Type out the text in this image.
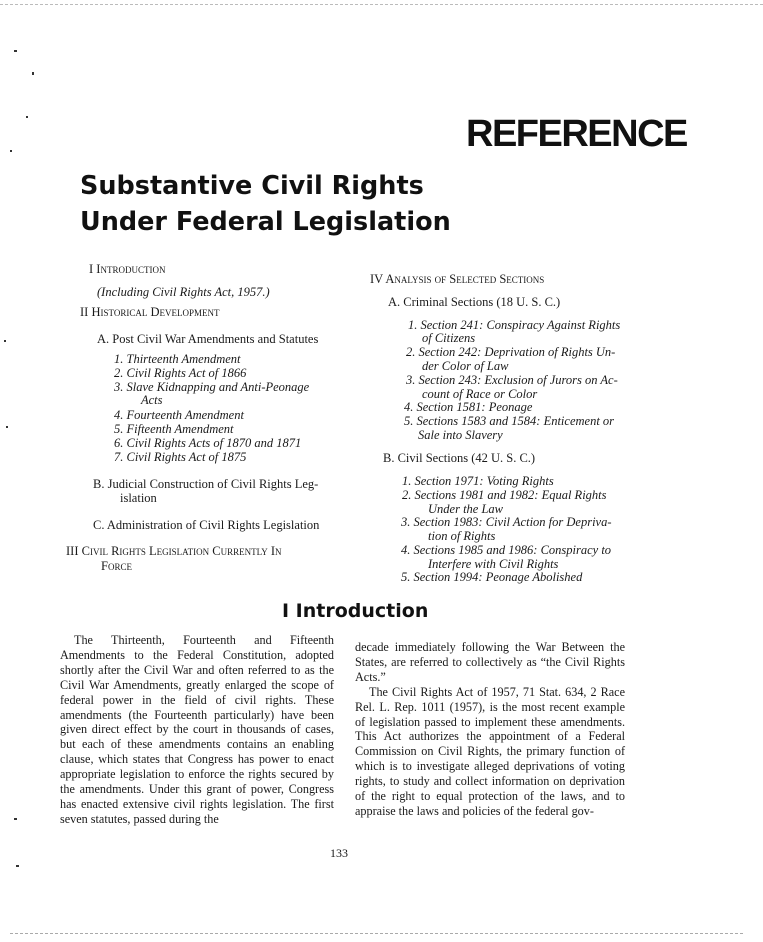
REFERENCE
Substantive Civil Rights
Under Federal Legislation
I Introduction
(Including Civil Rights Act, 1957.)
II Historical Development
A. Post Civil War Amendments and Statutes
1. Thirteenth Amendment
2. Civil Rights Act of 1866
3. Slave Kidnapping and Anti-Peonage
Acts
4. Fourteenth Amendment
5. Fifteenth Amendment
6. Civil Rights Acts of 1870 and 1871
7. Civil Rights Act of 1875
B. Judicial Construction of Civil Rights Leg-
islation
C. Administration of Civil Rights Legislation
III Civil Rights Legislation Currently In
Force
IV Analysis of Selected Sections
A. Criminal Sections (18 U. S. C.)
1. Section 241: Conspiracy Against Rights
of Citizens
2. Section 242: Deprivation of Rights Un-
der Color of Law
3. Section 243: Exclusion of Jurors on Ac-
count of Race or Color
4. Section 1581: Peonage
5. Sections 1583 and 1584: Enticement or
Sale into Slavery
B. Civil Sections (42 U. S. C.)
1. Section 1971: Voting Rights
2. Sections 1981 and 1982: Equal Rights
Under the Law
3. Section 1983: Civil Action for Depriva-
tion of Rights
4. Sections 1985 and 1986: Conspiracy to
Interfere with Civil Rights
5. Section 1994: Peonage Abolished
I Introduction

The Thirteenth, Fourteenth and Fifteenth Amendments to the Federal Constitution, adopted shortly after the Civil War and often referred to as the Civil War Amendments, greatly enlarged the scope of federal power in the field of civil rights. These amendments (the Fourteenth particularly) have been given direct effect by the court in thousands of cases, but each of these amendments contains an enabling clause, which states that Congress has power to enact appropriate legislation to enforce the rights secured by the amendments. Under this grant of power, Congress has enacted extensive civil rights legislation. The first seven statutes, passed during the

decade immediately following the War Between the States, are referred to collectively as “the Civil Rights Acts.”

The Civil Rights Act of 1957, 71 Stat. 634, 2 Race Rel. L. Rep. 1011 (1957), is the most recent example of legislation passed to implement these amendments. This Act authorizes the appointment of a Federal Commission on Civil Rights, the primary function of which is to investigate alleged deprivations of voting rights, to study and collect information on deprivation of the right to equal protection of the laws, and to appraise the laws and policies of the federal gov-

133
